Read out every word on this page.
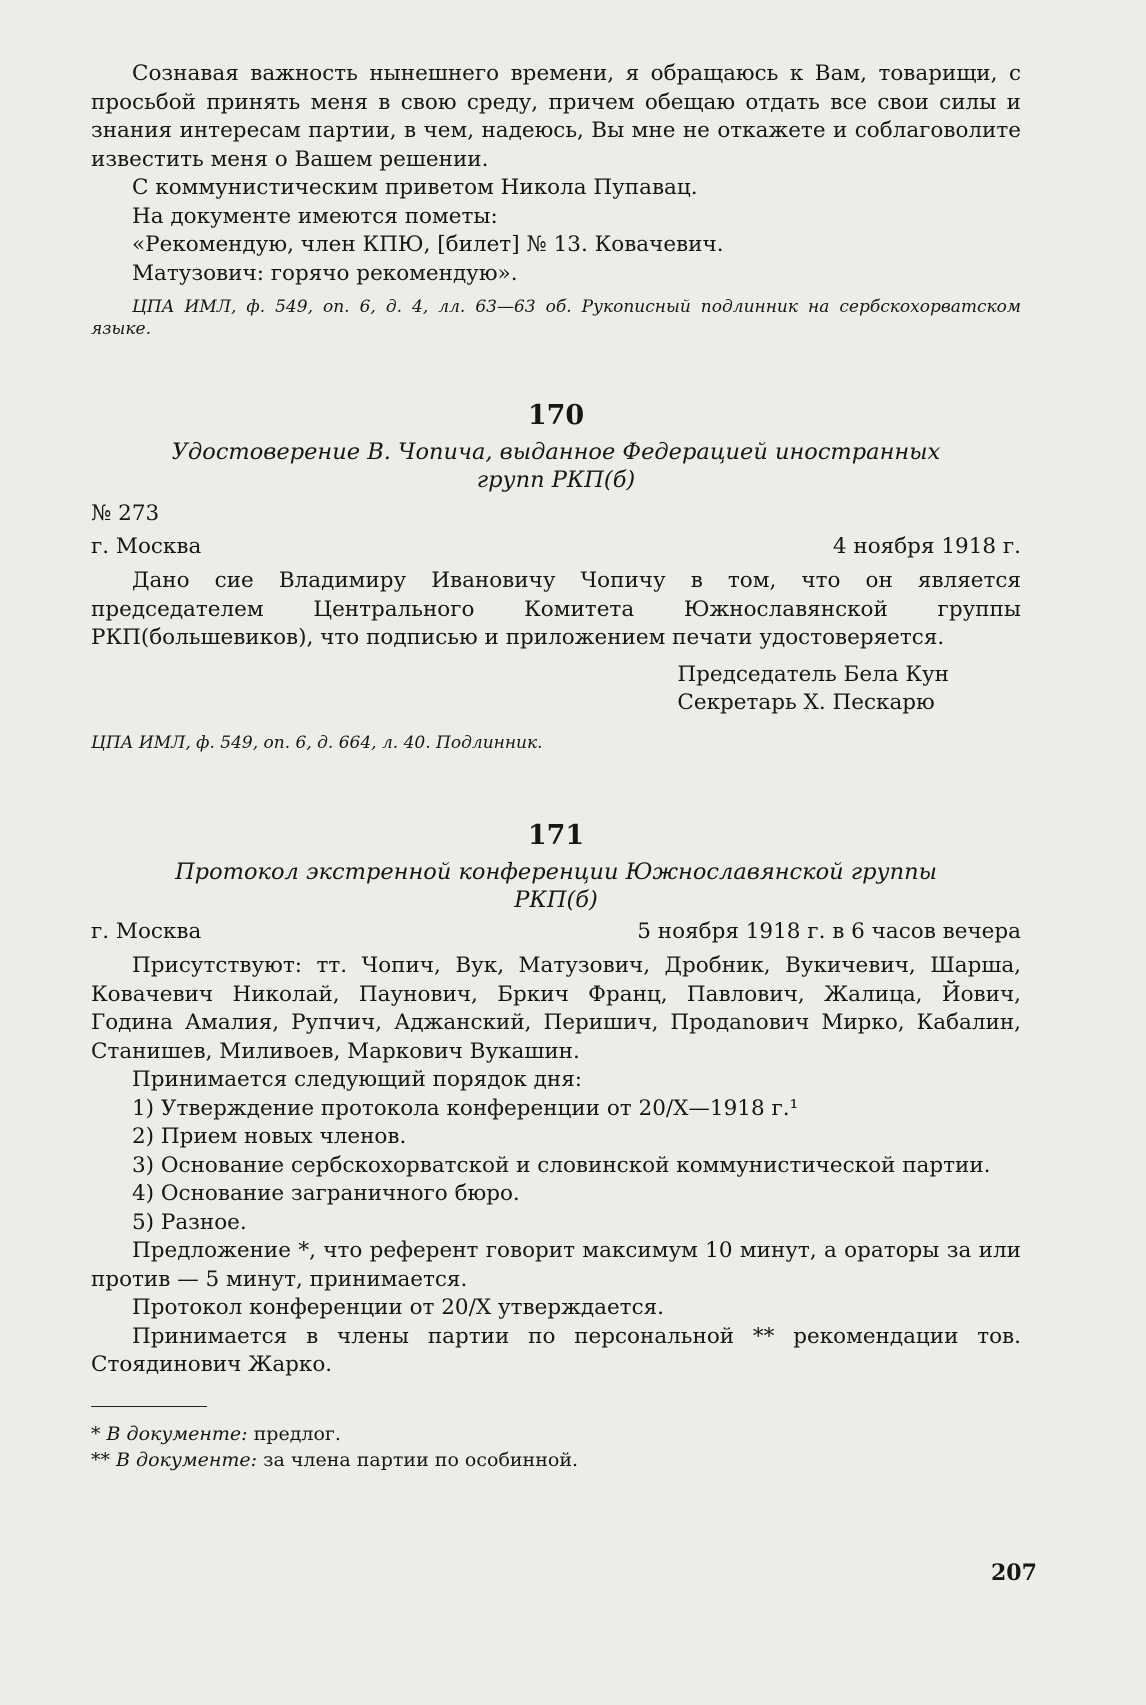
Сознавая важность нынешнего времени, я обращаюсь к Вам, товарищи, с просьбой принять меня в свою среду, причем обещаю отдать все свои силы и знания интересам партии, в чем, надеюсь, Вы мне не откажете и соблаговолите известить меня о Вашем решении.

С коммунистическим приветом Никола Пупавац.

На документе имеются пометы:

«Рекомендую, член КПЮ, [билет] № 13. Ковачевич.

Матузович: горячо рекомендую».

ЦПА ИМЛ, ф. 549, оп. 6, д. 4, лл. 63—63 об. Рукописный подлинник на сербскохорватском языке.

170
Удостоверение В. Чопича, выданное Федерацией иностранных групп РКП(б)

№ 273

г. Москва	4 ноября 1918 г.

Дано сие Владимиру Ивановичу Чопичу в том, что он является председателем Центрального Комитета Южнославянской группы РКП(большевиков), что подписью и приложением печати удостоверяется.

Председатель Бела Кун
Секретарь Х. Пескарю

ЦПА ИМЛ, ф. 549, оп. 6, д. 664, л. 40. Подлинник.

171
Протокол экстренной конференции Южнославянской группы РКП(б)
г. Москва	5 ноября 1918 г. в 6 часов вечера

Присутствуют: тт. Чопич, Вук, Матузович, Дробник, Вукичевич, Шарша, Ковачевич Николай, Паунович, Бркич Франц, Павлович, Жалица, Йович, Година Амалия, Рупчич, Аджанский, Перишич, Продanoвич Мирко, Кабалин, Станишев, Миливоев, Маркович Вукашин.

Принимается следующий порядок дня:

1) Утверждение протокола конференции от 20/X—1918 г.¹

2) Прием новых членов.

3) Основание сербскохорватской и словинской коммунистической партии.

4) Основание заграничного бюро.

5) Разное.

Предложение *, что референт говорит максимум 10 минут, а ораторы за или против — 5 минут, принимается.

Протокол конференции от 20/X утверждается.

Принимается в члены партии по персональной ** рекомендации тов. Стоядинович Жарко.

* В документе: предлог.
** В документе: за члена партии по особинной.
207
